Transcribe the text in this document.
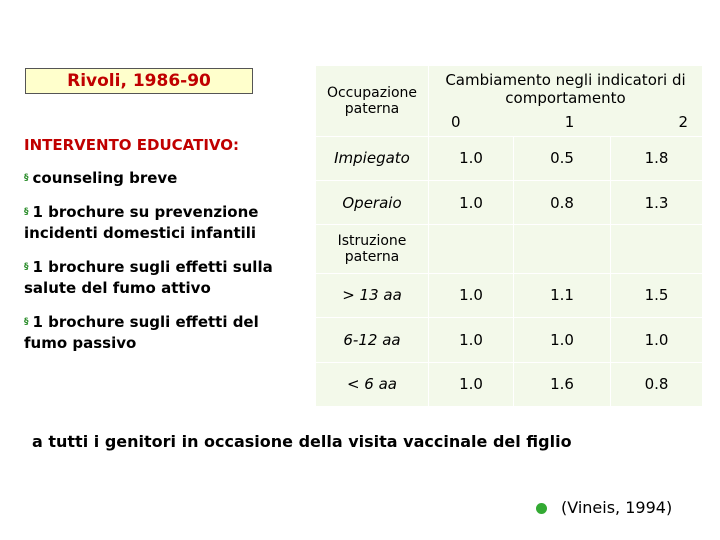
Rivoli, 1986-90
INTERVENTO EDUCATIVO:
§ counseling breve
§ 1 brochure su prevenzione incidenti domestici infantili
§ 1 brochure sugli effetti sulla salute del fumo attivo
§ 1 brochure sugli effetti del fumo passivo
Occupazione paterna	Cambiamento negli indicatori di comportamento
0 1 2		

Impiegato	1.0	0.5	1.8
Operaio	1.0	0.8	1.3
Istruzione paterna			
> 13 aa	1.0	1.1	1.5
6-12 aa	1.0	1.0	1.0
< 6 aa	1.0	1.6	0.8
a tutti i genitori in occasione della visita vaccinale del figlio
(Vineis, 1994)
